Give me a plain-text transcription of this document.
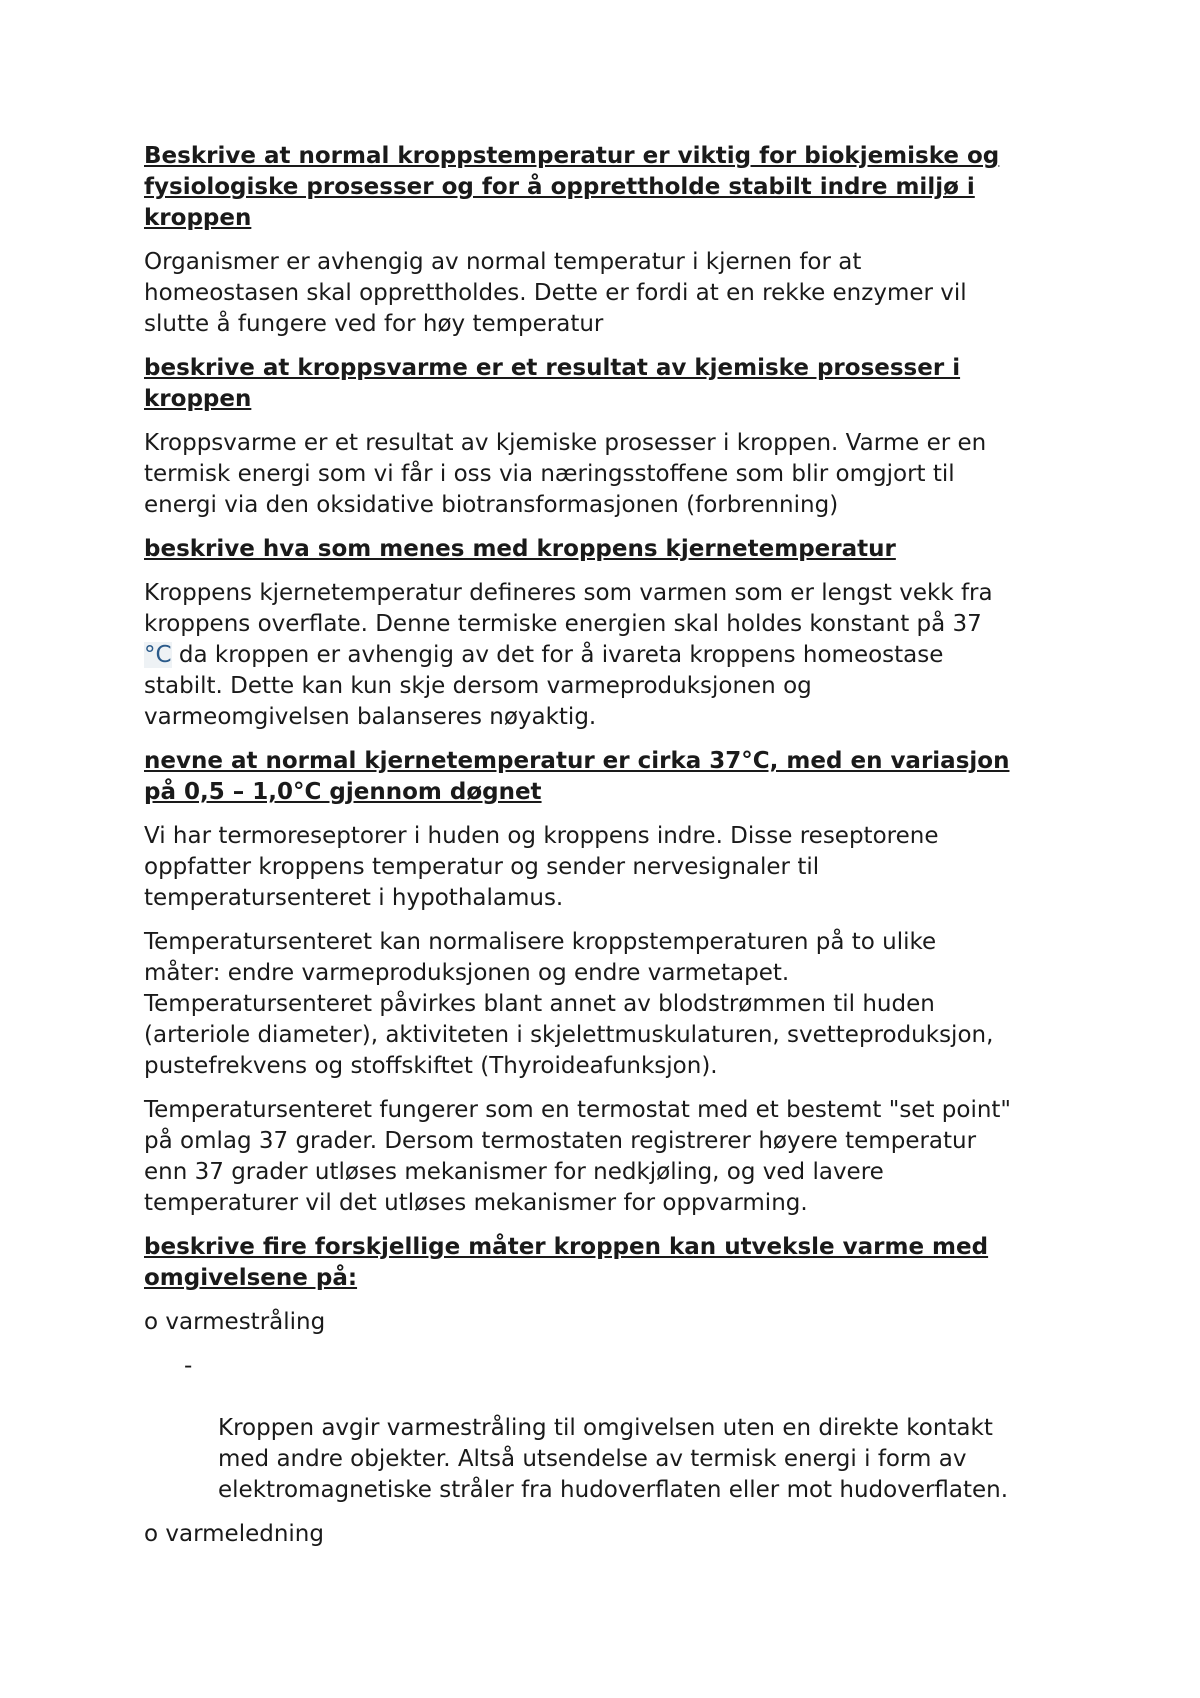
Beskrive at normal kroppstemperatur er viktig for biokjemiske og
fysiologiske prosesser og for å opprettholde stabilt indre miljø i
kroppen

Organismer er avhengig av normal temperatur i kjernen for at
homeostasen skal opprettholdes. Dette er fordi at en rekke enzymer vil
slutte å fungere ved for høy temperatur

beskrive at kroppsvarme er et resultat av kjemiske prosesser i
kroppen

Kroppsvarme er et resultat av kjemiske prosesser i kroppen. Varme er en
termisk energi som vi får i oss via næringsstoffene som blir omgjort til
energi via den oksidative biotransformasjonen (forbrenning)

beskrive hva som menes med kroppens kjernetemperatur

Kroppens kjernetemperatur defineres som varmen som er lengst vekk fra
kroppens overflate. Denne termiske energien skal holdes konstant på 37
°C da kroppen er avhengig av det for å ivareta kroppens homeostase
stabilt. Dette kan kun skje dersom varmeproduksjonen og
varmeomgivelsen balanseres nøyaktig.

nevne at normal kjernetemperatur er cirka 37°C, med en variasjon
på 0,5 – 1,0°C gjennom døgnet

Vi har termoreseptorer i huden og kroppens indre. Disse reseptorene
oppfatter kroppens temperatur og sender nervesignaler til
temperatursenteret i hypothalamus.

Temperatursenteret kan normalisere kroppstemperaturen på to ulike
måter: endre varmeproduksjonen og endre varmetapet.
Temperatursenteret påvirkes blant annet av blodstrømmen til huden
(arteriole diameter), aktiviteten i skjelettmuskulaturen, svetteproduksjon,
pustefrekvens og stoffskiftet (Thyroideafunksjon).

Temperatursenteret fungerer som en termostat med et bestemt "set point"
på omlag 37 grader. Dersom termostaten registrerer høyere temperatur
enn 37 grader utløses mekanismer for nedkjøling, og ved lavere
temperaturer vil det utløses mekanismer for oppvarming.

beskrive fire forskjellige måter kroppen kan utveksle varme med
omgivelsene på:

o varmestråling

-

Kroppen avgir varmestråling til omgivelsen uten en direkte kontakt
med andre objekter. Altså utsendelse av termisk energi i form av
elektromagnetiske stråler fra hudoverflaten eller mot hudoverflaten.

o varmeledning
